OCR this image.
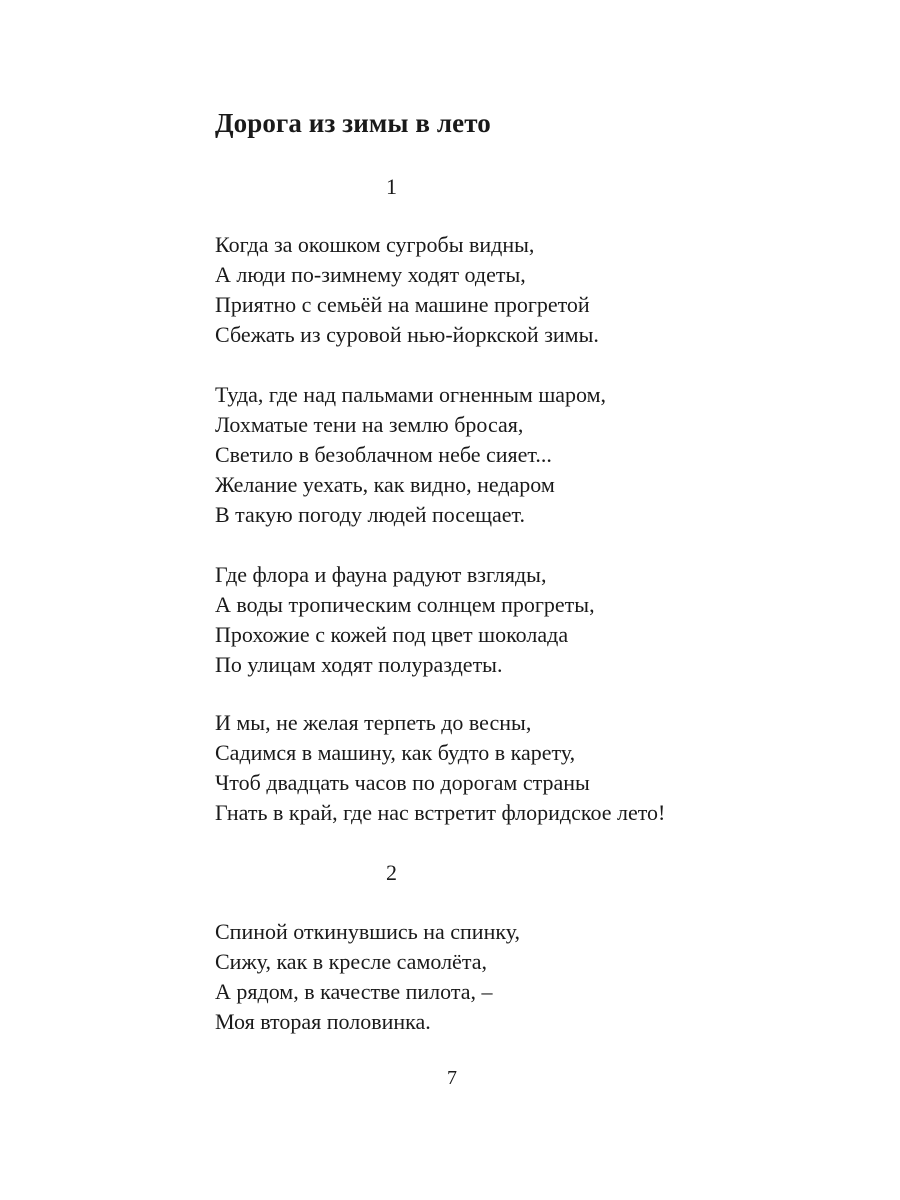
Дорога из зимы в лето
1
Когда за окошком сугробы видны,
А люди по-зимнему ходят одеты,
Приятно с семьёй на машине прогретой
Сбежать из суровой нью-йоркской зимы.
Туда, где над пальмами огненным шаром,
Лохматые тени на землю бросая,
Светило в безоблачном небе сияет...
Желание уехать, как видно, недаром
В такую погоду людей посещает.
Где флора и фауна радуют взгляды,
А воды тропическим солнцем прогреты,
Прохожие с кожей под цвет шоколада
По улицам ходят полураздеты.
И мы, не желая терпеть до весны,
Садимся в машину, как будто в карету,
Чтоб двадцать часов по дорогам страны
Гнать в край, где нас встретит флоридское лето!
2
Спиной откинувшись на спинку,
Сижу, как в кресле самолёта,
А рядом, в качестве пилота, –
Моя вторая половинка.
7
